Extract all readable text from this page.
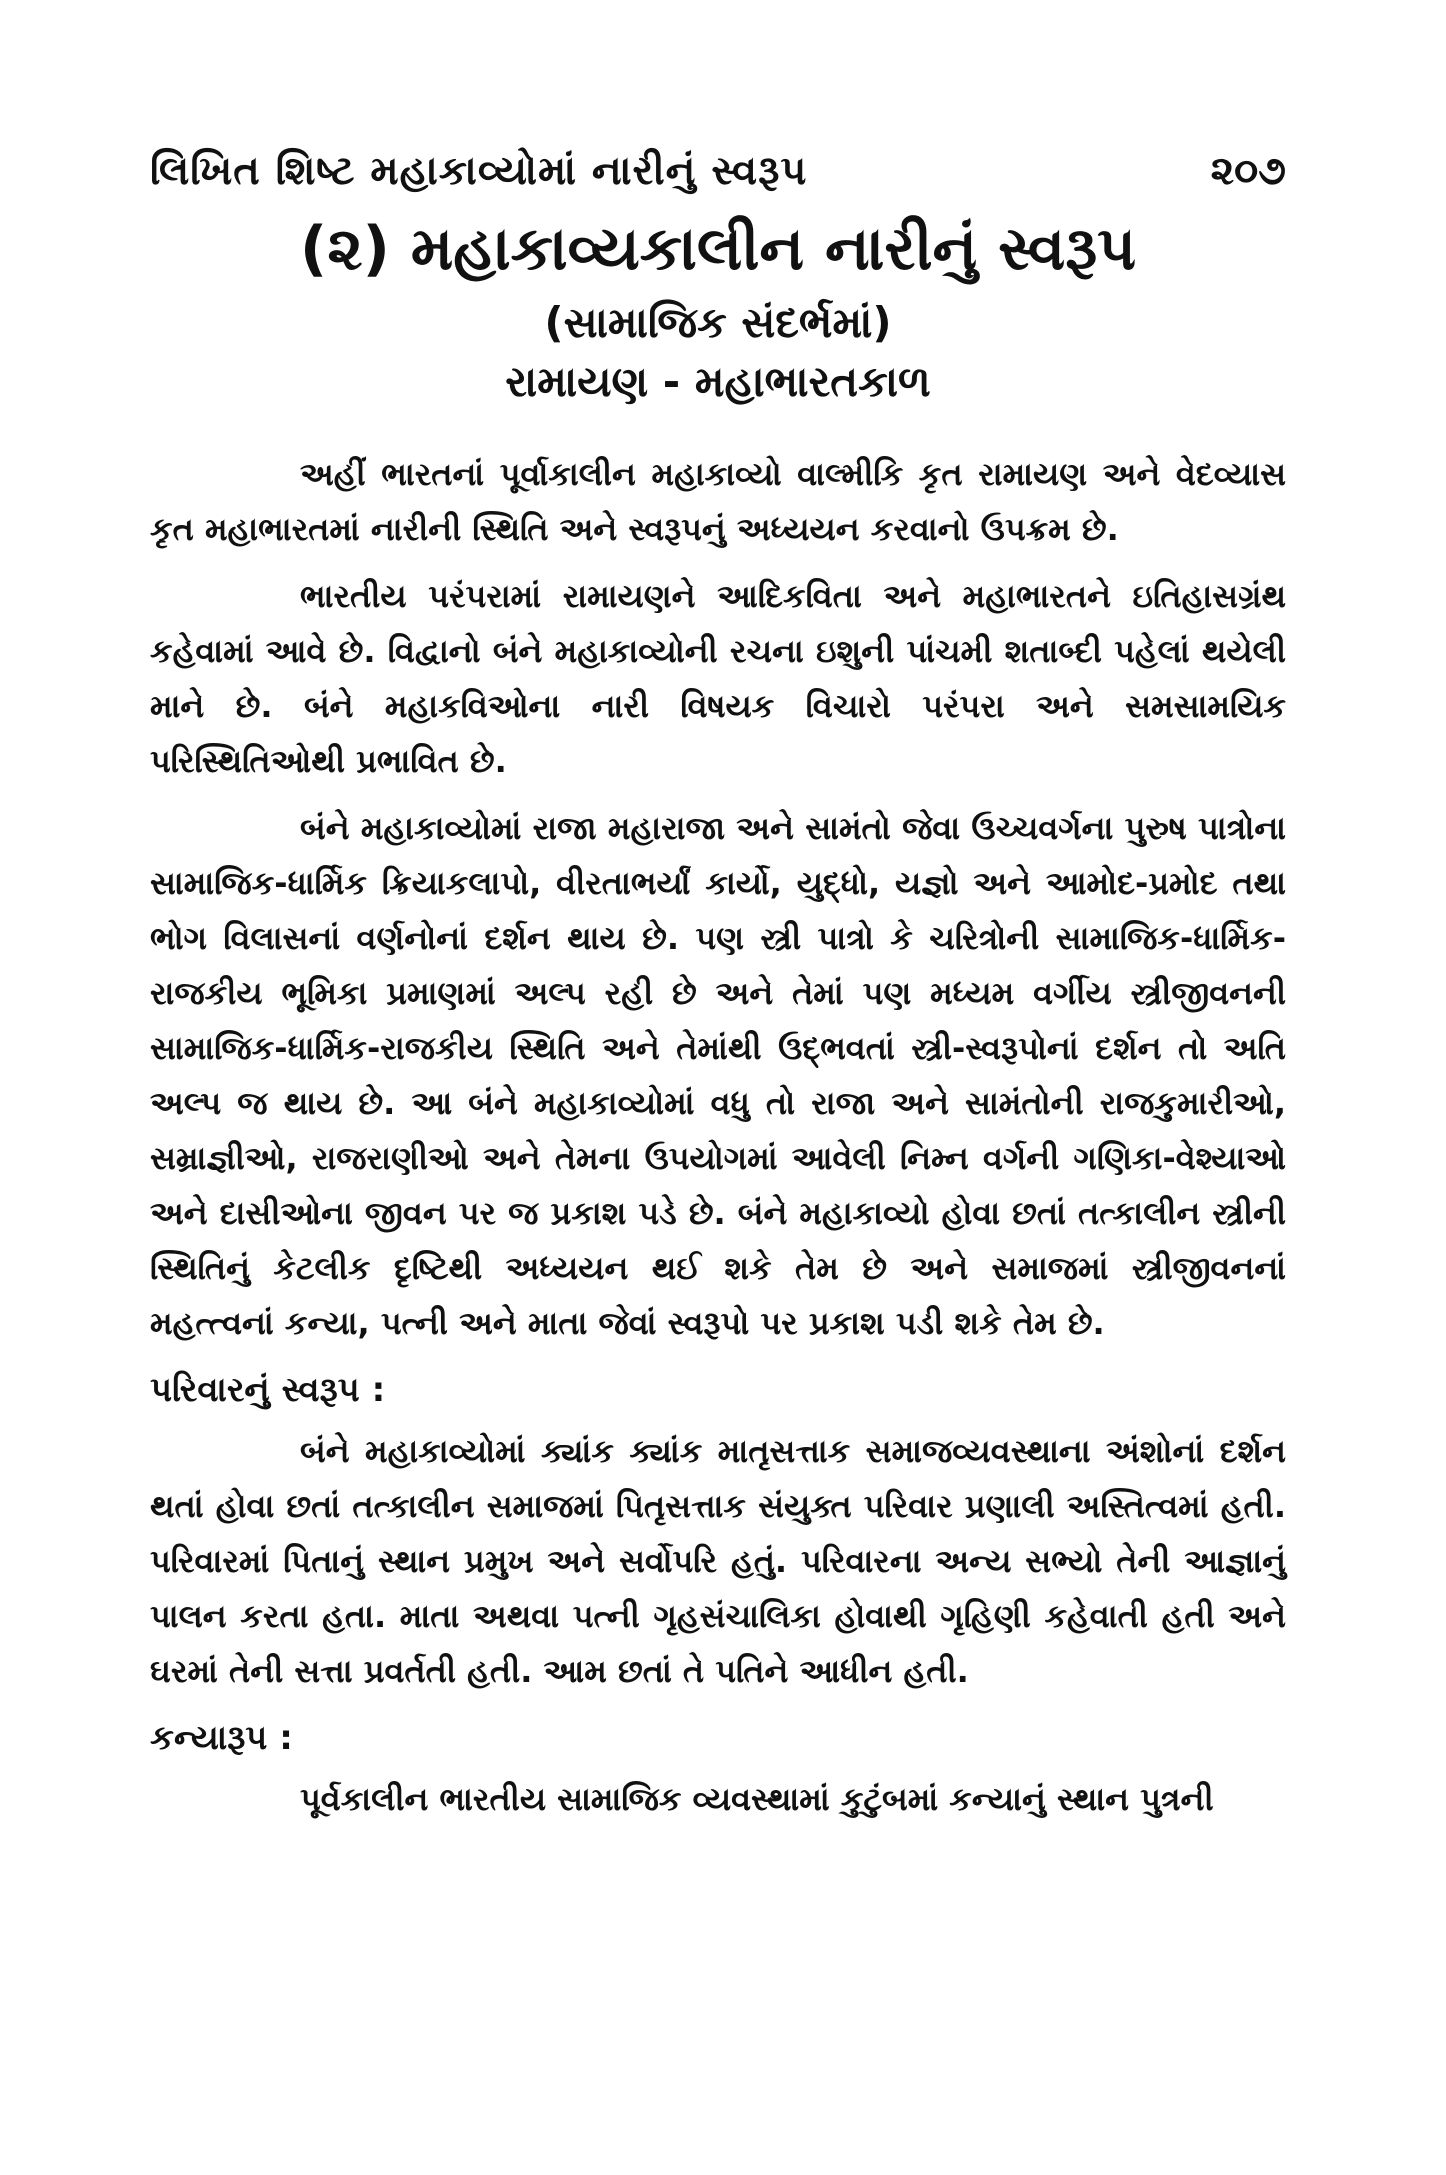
લિખિત શિષ્ટ મહાકાવ્યોમાં નારીનું સ્વરૂપ	૨૦૭
(૨) મહાકાવ્યકાલીન નારીનું સ્વરૂપ
(સામાજિક સંદર્ભમાં)
રામાયણ - મહાભારતકાળ

અહીં ભારતનાં પૂર્વાકાલીન મહાકાવ્યો વાલ્મીકિ કૃત રામાયણ અને વેદવ્યાસ કૃત મહાભારતમાં નારીની સ્થિતિ અને સ્વરૂપનું અધ્યયન કરવાનો ઉપક્રમ છે.

ભારતીય પરંપરામાં રામાયણને આદિકવિતા અને મહાભારતને ઇતિહાસગ્રંથ કહેવામાં આવે છે. વિદ્વાનો બંને મહાકાવ્યોની રચના ઇશુની પાંચમી શતાબ્દી પહેલાં થયેલી માને છે. બંને મહાકવિઓના નારી વિષયક વિચારો પરંપરા અને સમસામયિક પરિસ્થિતિઓથી પ્રભાવિત છે.

બંને મહાકાવ્યોમાં રાજા મહારાજા અને સામંતો જેવા ઉચ્ચવર્ગના પુરુષ પાત્રોના સામાજિક-ધાર્મિક ક્રિયાકલાપો, વીરતાભર્યાં કાર્યો, યુદ્ધો, યજ્ઞો અને આમોદ-પ્રમોદ તથા ભોગ વિલાસનાં વર્ણનોનાં દર્શન થાય છે. પણ સ્ત્રી પાત્રો કે ચરિત્રોની સામાજિક-ધાર્મિક-રાજકીય ભૂમિકા પ્રમાણમાં અલ્પ રહી છે અને તેમાં પણ મધ્યમ વર્ગીય સ્ત્રીજીવનની સામાજિક-ધાર્મિક-રાજકીય સ્થિતિ અને તેમાંથી ઉદ્ભવતાં સ્ત્રી-સ્વરૂપોનાં દર્શન તો અતિ અલ્પ જ થાય છે. આ બંને મહાકાવ્યોમાં વધુ તો રાજા અને સામંતોની રાજકુમારીઓ, સમ્રાજ્ઞીઓ, રાજરાણીઓ અને તેમના ઉપયોગમાં આવેલી નિમ્ન વર્ગની ગણિકા-વેશ્યાઓ અને દાસીઓના જીવન પર જ પ્રકાશ પડે છે. બંને મહાકાવ્યો હોવા છતાં તત્કાલીન સ્ત્રીની સ્થિતિનું કેટલીક દૃષ્ટિથી અધ્યયન થઈ શકે તેમ છે અને સમાજમાં સ્ત્રીજીવનનાં મહત્ત્વનાં કન્યા, પત્ની અને માતા જેવાં સ્વરૂપો પર પ્રકાશ પડી શકે તેમ છે.

પરિવારનું સ્વરૂપ :

બંને મહાકાવ્યોમાં ક્યાંક ક્યાંક માતૃસત્તાક સમાજવ્યવસ્થાના અંશોનાં દર્શન થતાં હોવા છતાં તત્કાલીન સમાજમાં પિતૃસત્તાક સંયુક્ત પરિવાર પ્રણાલી અસ્તિત્વમાં હતી. પરિવારમાં પિતાનું સ્થાન પ્રમુખ અને સર્વોપરિ હતું. પરિવારના અન્ય સભ્યો તેની આજ્ઞાનું પાલન કરતા હતા. માતા અથવા પત્ની ગૃહસંચાલિકા હોવાથી ગૃહિણી કહેવાતી હતી અને ઘરમાં તેની સત્તા પ્રવર્તતી હતી. આમ છતાં તે પતિને આધીન હતી.

કન્યારૂપ :

પૂર્વકાલીન ભારતીય સામાજિક વ્યવસ્થામાં કુટુંબમાં કન્યાનું સ્થાન પુત્રની
